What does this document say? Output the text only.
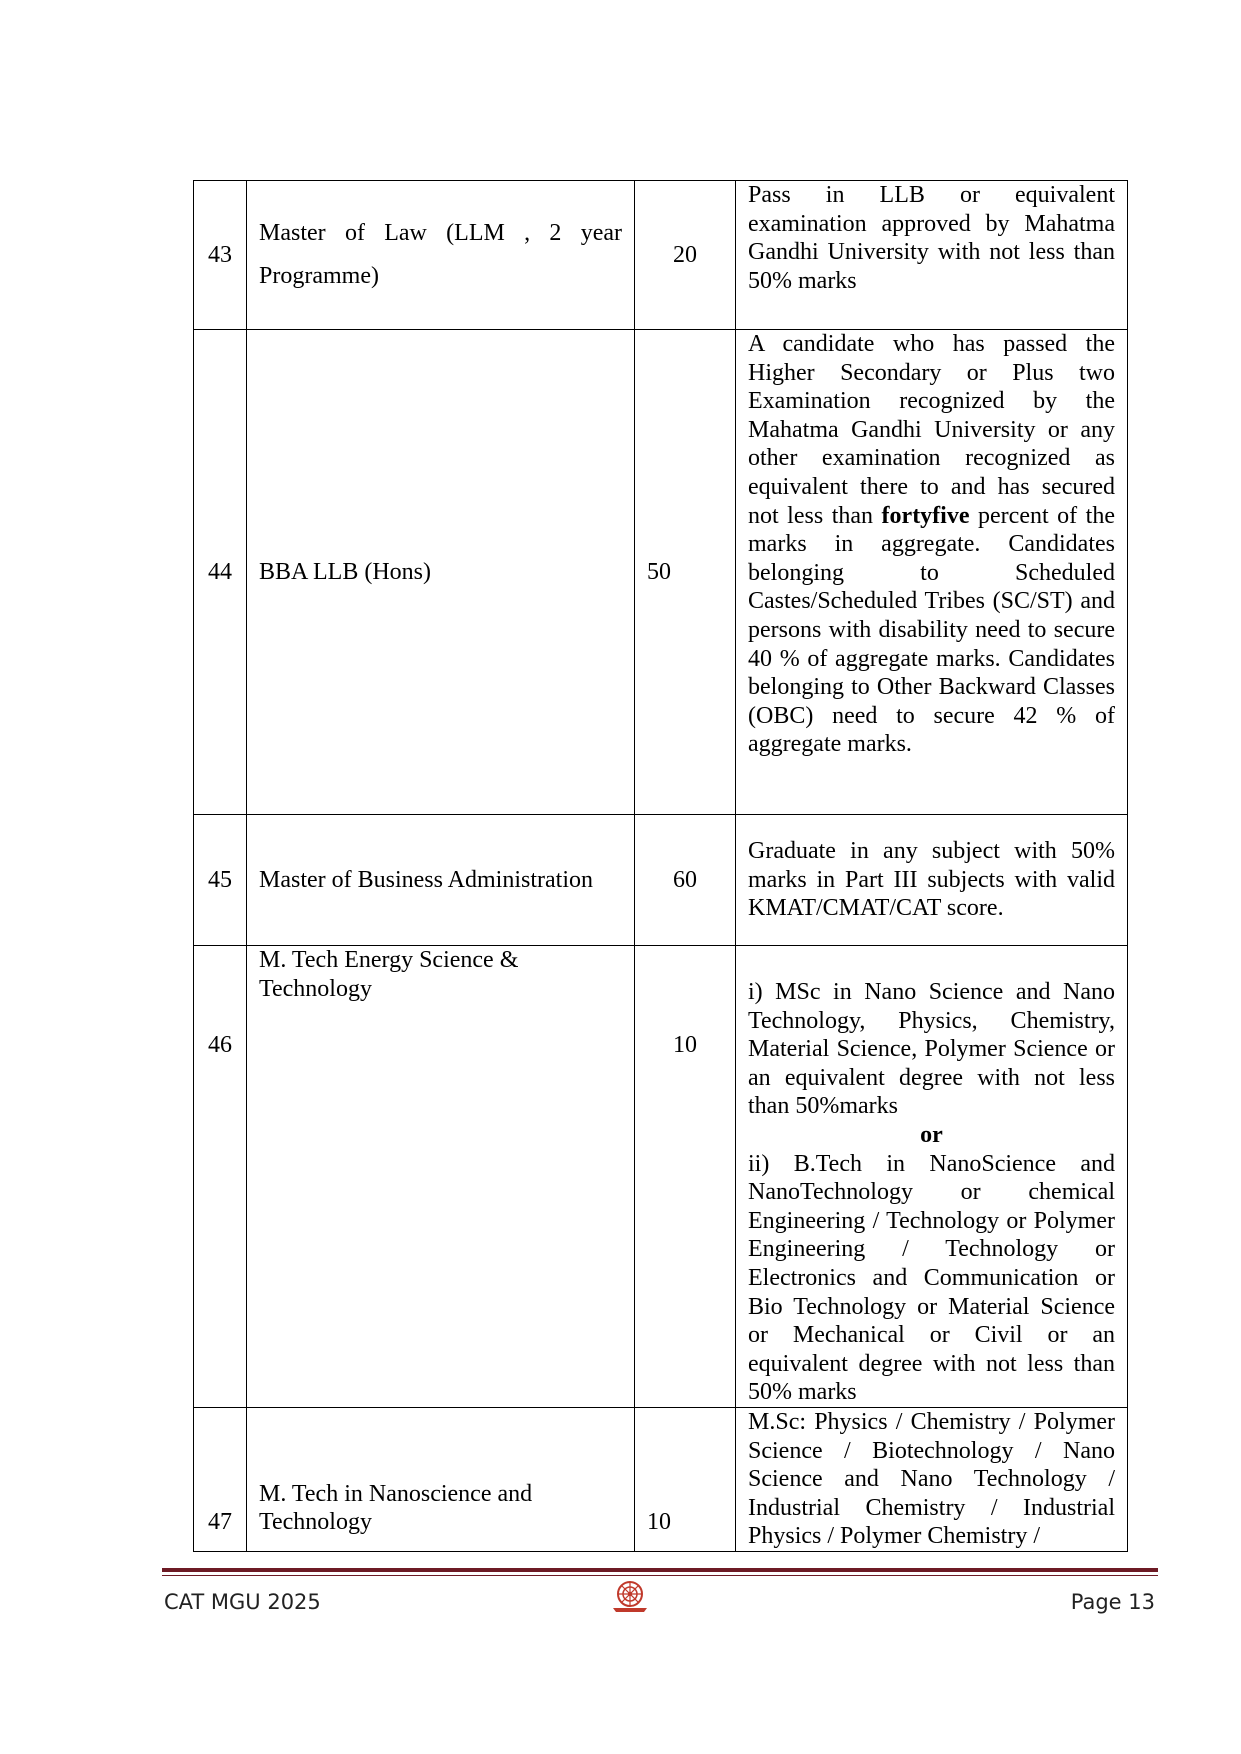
43	Master of Law (LLM , 2 year Programme)	20	Pass in LLB or equivalent examination approved by Mahatma Gandhi University with not less than 50% marks

44	BBA LLB (Hons)	50	A candidate who has passed the Higher Secondary or Plus two Examination recognized by the Mahatma Gandhi University or any other examination recognized as equivalent there to and has secured not less than fortyfive percent of the marks in aggregate. Candidates belonging to Scheduled Castes/Scheduled Tribes (SC/ST) and persons with disability need to secure 40 % of aggregate marks. Candidates belonging to Other Backward Classes (OBC) need to secure 42 % of aggregate marks.

45	Master of Business Administration	60	Graduate in any subject with 50% marks in Part III subjects with valid KMAT/CMAT/CAT score.

46	M. Tech Energy Science & Technology	10	i) MSc in Nano Science and Nano Technology, Physics, Chemistry, Material Science, Polymer Science or an equivalent degree with not less than 50%marks

or

ii) B.Tech in NanoScience and NanoTechnology or chemical Engineering / Technology or Polymer Engineering / Technology or Electronics and Communication or Bio Technology or Material Science or Mechanical or Civil or an equivalent degree with not less than 50% marks

47	M. Tech in Nanoscience and Technology	10	M.Sc: Physics / Chemistry / Polymer Science / Biotechnology / Nano Science and Nano Technology / Industrial Chemistry / Industrial Physics / Polymer Chemistry /

CAT MGU 2025	Page 13
